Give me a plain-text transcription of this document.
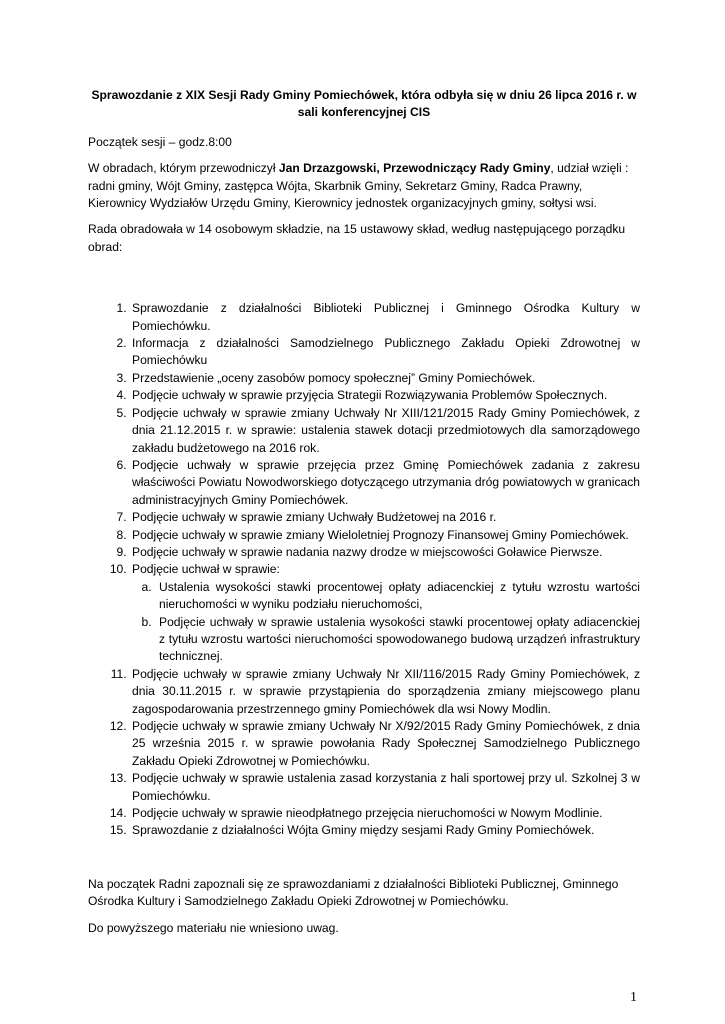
Sprawozdanie z XIX Sesji Rady Gminy Pomiechówek, która odbyła się w dniu 26 lipca 2016 r. w sali konferencyjnej CIS

Początek sesji – godz.8:00

W obradach, którym przewodniczył Jan Drzazgowski, Przewodniczący Rady Gminy, udział wzięli : radni gminy, Wójt Gminy, zastępca Wójta, Skarbnik Gminy, Sekretarz Gminy, Radca Prawny, Kierownicy Wydziałów Urzędu Gminy, Kierownicy jednostek organizacyjnych gminy, sołtysi wsi.

Rada obradowała w 14 osobowym składzie, na 15 ustawowy skład, według następującego porządku obrad:

1. Sprawozdanie z działalności Biblioteki Publicznej i Gminnego Ośrodka Kultury w Pomiechówku.
2. Informacja z działalności Samodzielnego Publicznego Zakładu Opieki Zdrowotnej w Pomiechówku
3. Przedstawienie „oceny zasobów pomocy społecznej” Gminy Pomiechówek.
4. Podjęcie uchwały w sprawie przyjęcia Strategii Rozwiązywania Problemów Społecznych.
5. Podjęcie uchwały w sprawie zmiany Uchwały Nr XIII/121/2015 Rady Gminy Pomiechówek, z dnia 21.12.2015 r. w sprawie: ustalenia stawek dotacji przedmiotowych dla samorządowego zakładu budżetowego na 2016 rok.
6. Podjęcie uchwały w sprawie przejęcia przez Gminę Pomiechówek zadania z zakresu właściwości Powiatu Nowodworskiego dotyczącego utrzymania dróg powiatowych w granicach administracyjnych Gminy Pomiechówek.
7. Podjęcie uchwały w sprawie zmiany Uchwały Budżetowej na 2016 r.
8. Podjęcie uchwały w sprawie zmiany Wieloletniej Prognozy Finansowej Gminy Pomiechówek.
9. Podjęcie uchwały w sprawie nadania nazwy drodze w miejscowości Goławice Pierwsze.
10. Podjęcie uchwał w sprawie:
a. Ustalenia wysokości stawki procentowej opłaty adiacenckiej z tytułu wzrostu wartości nieruchomości w wyniku podziału nieruchomości,
b. Podjęcie uchwały w sprawie ustalenia wysokości stawki procentowej opłaty adiacenckiej z tytułu wzrostu wartości nieruchomości spowodowanego budową urządzeń infrastruktury technicznej.
11. Podjęcie uchwały w sprawie zmiany Uchwały Nr XII/116/2015 Rady Gminy Pomiechówek, z dnia 30.11.2015 r. w sprawie przystąpienia do sporządzenia zmiany miejscowego planu zagospodarowania przestrzennego gminy Pomiechówek dla wsi Nowy Modlin.
12. Podjęcie uchwały w sprawie zmiany Uchwały Nr X/92/2015 Rady Gminy Pomiechówek, z dnia 25 września 2015 r. w sprawie powołania Rady Społecznej Samodzielnego Publicznego Zakładu Opieki Zdrowotnej w Pomiechówku.
13. Podjęcie uchwały w sprawie ustalenia zasad korzystania z hali sportowej przy ul. Szkolnej 3 w Pomiechówku.
14. Podjęcie uchwały w sprawie nieodpłatnego przejęcia nieruchomości w Nowym Modlinie.
15. Sprawozdanie z działalności Wójta Gminy między sesjami Rady Gminy Pomiechówek.

Na początek Radni zapoznali się ze sprawozdaniami z działalności Biblioteki Publicznej, Gminnego Ośrodka Kultury i Samodzielnego Zakładu Opieki Zdrowotnej w Pomiechówku.

Do powyższego materiału nie wniesiono uwag.

1
